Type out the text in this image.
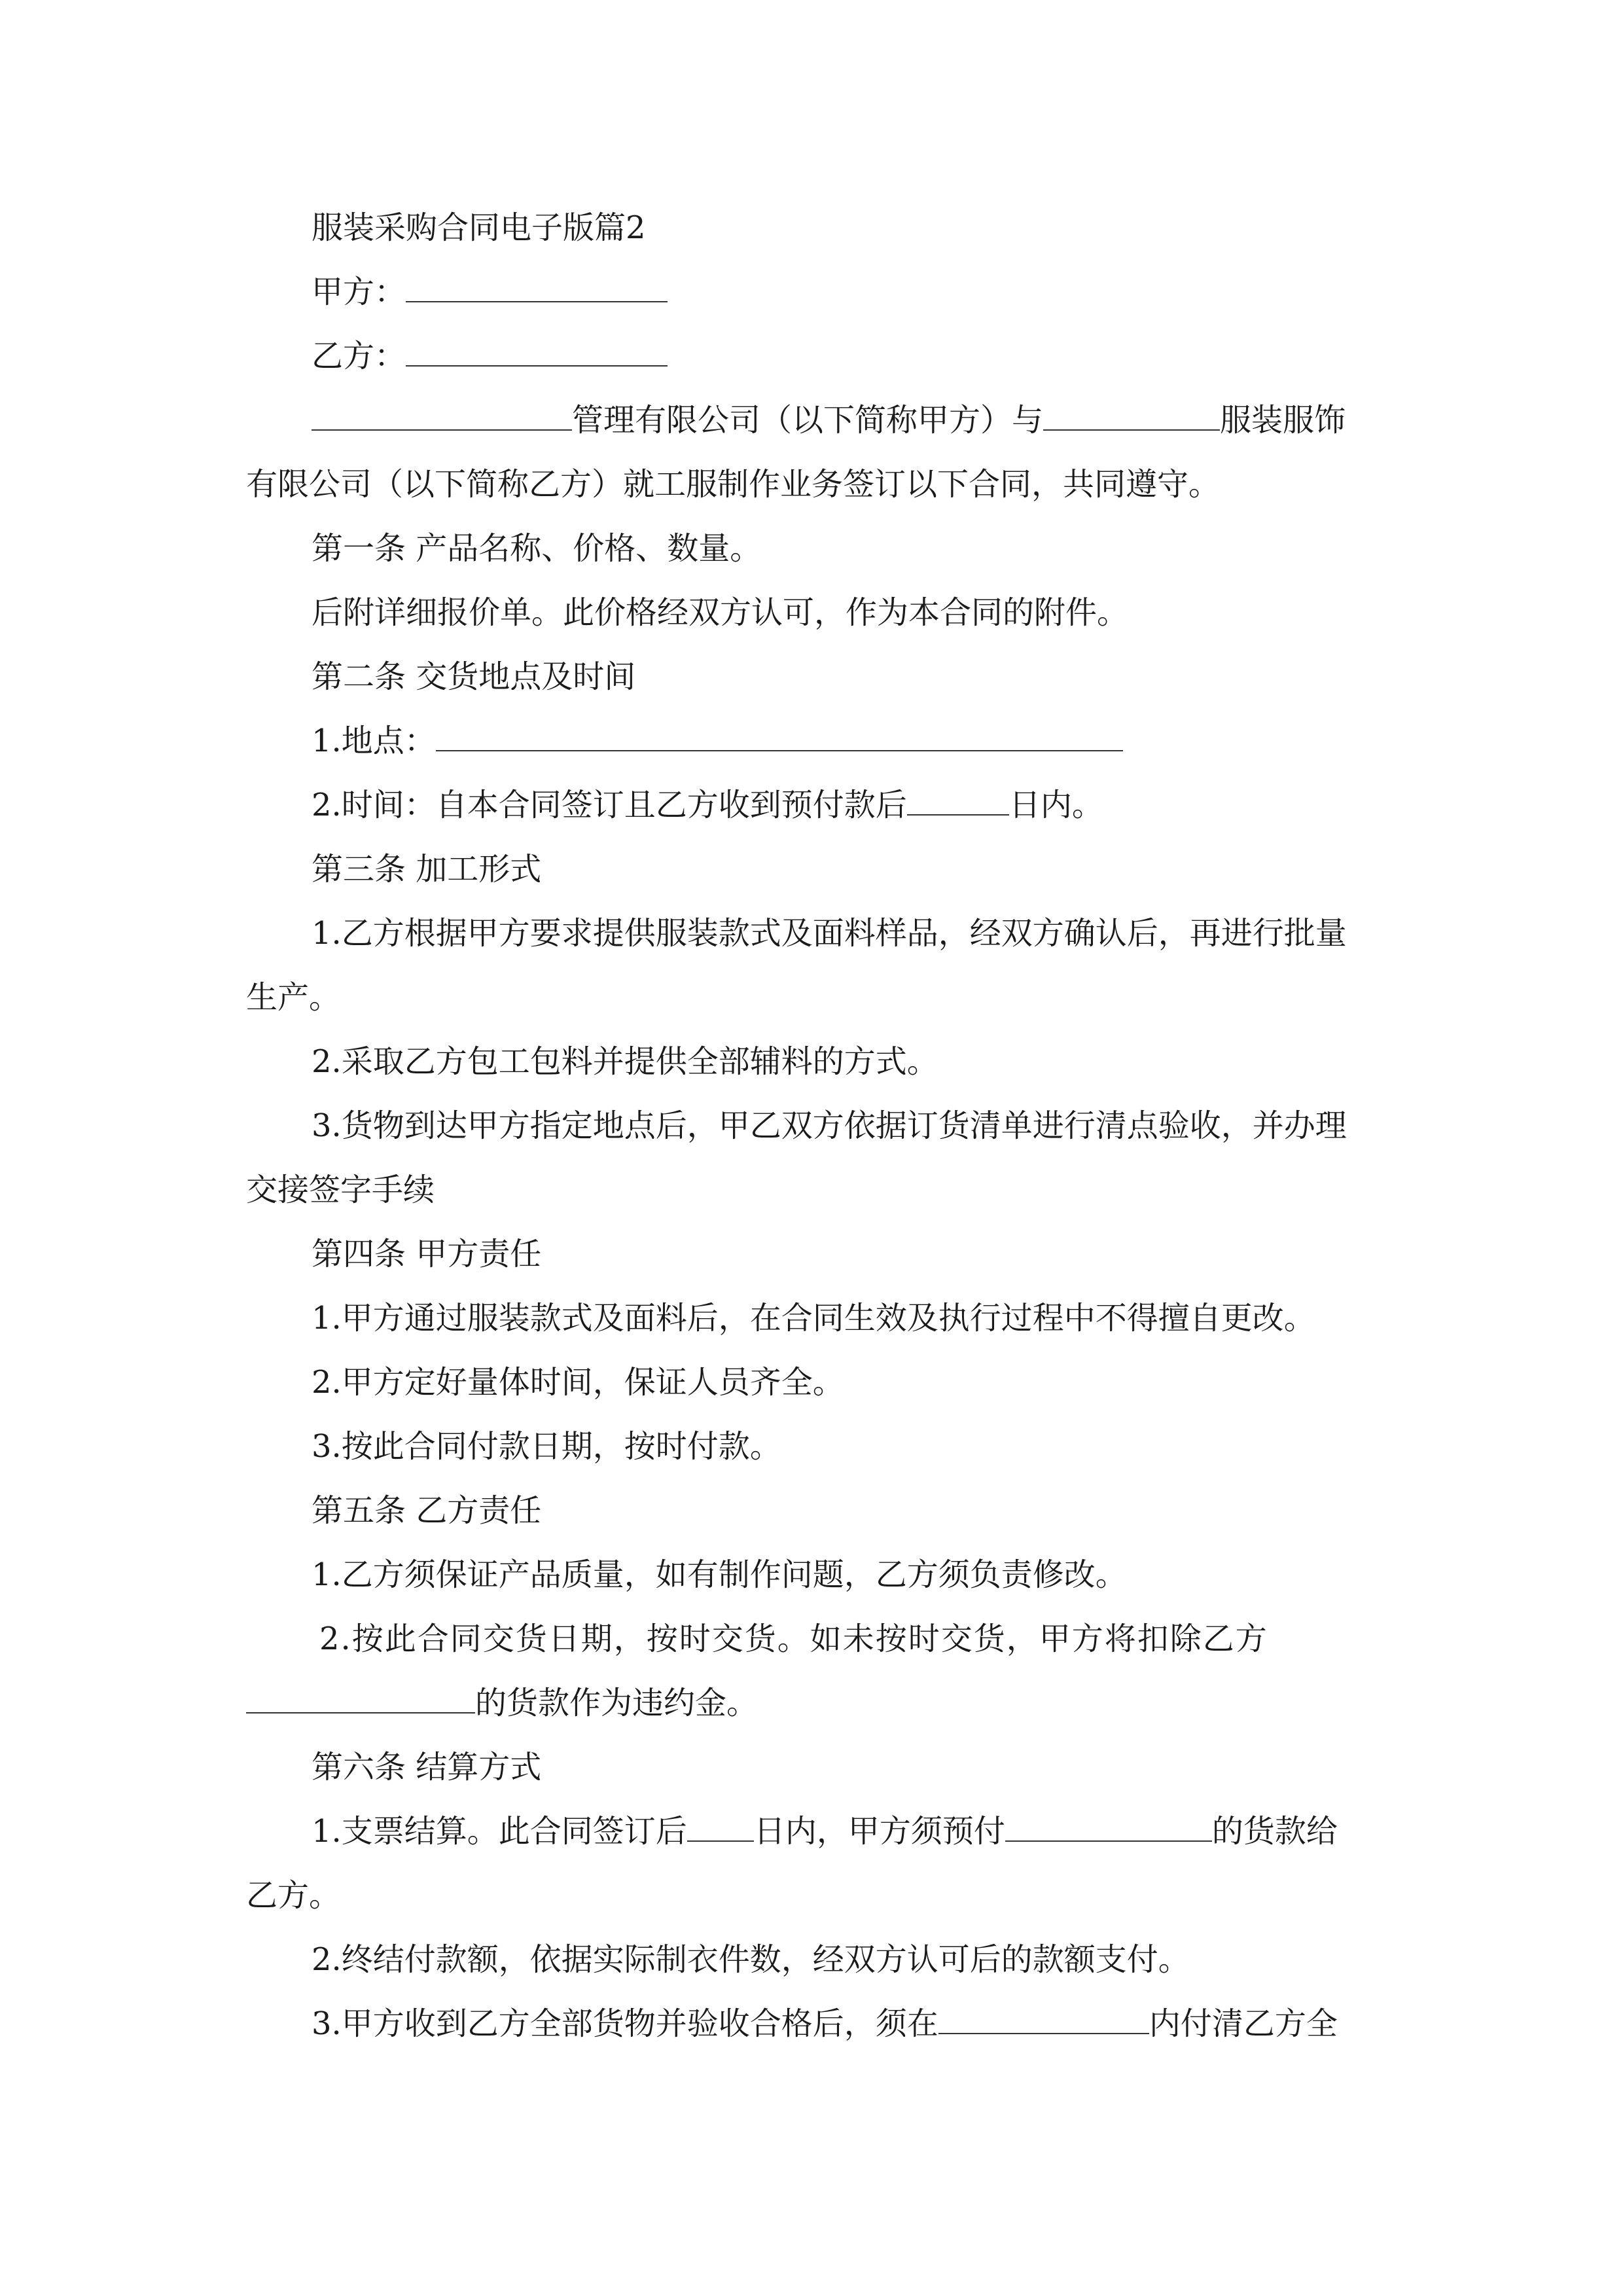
服装采购合同电子版篇2
甲方：
乙方：
管理有限公司（以下简称甲方）与	服装服饰
有限公司（以下简称乙方）就工服制作业务签订以下合同，共同遵守。
第一条 产品名称、价格、数量。
后附详细报价单。此价格经双方认可，作为本合同的附件。
第二条 交货地点及时间
1.地点：
2.时间：自本合同签订且乙方收到预付款后	日内。
第三条 加工形式
1.乙方根据甲方要求提供服装款式及面料样品，经双方确认后，再进行批量
生产。
2.采取乙方包工包料并提供全部辅料的方式。
3.货物到达甲方指定地点后，甲乙双方依据订货清单进行清点验收，并办理
交接签字手续
第四条 甲方责任
1.甲方通过服装款式及面料后，在合同生效及执行过程中不得擅自更改。
2.甲方定好量体时间，保证人员齐全。
3.按此合同付款日期，按时付款。
第五条 乙方责任
1.乙方须保证产品质量，如有制作问题，乙方须负责修改。
2.按此合同交货日期，按时交货。如未按时交货，甲方将扣除乙方
的货款作为违约金。
第六条 结算方式
1.支票结算。此合同签订后 日内，甲方须预付	的货款给
乙方。
2.终结付款额，依据实际制衣件数，经双方认可后的款额支付。
3.甲方收到乙方全部货物并验收合格后，须在	内付清乙方全
